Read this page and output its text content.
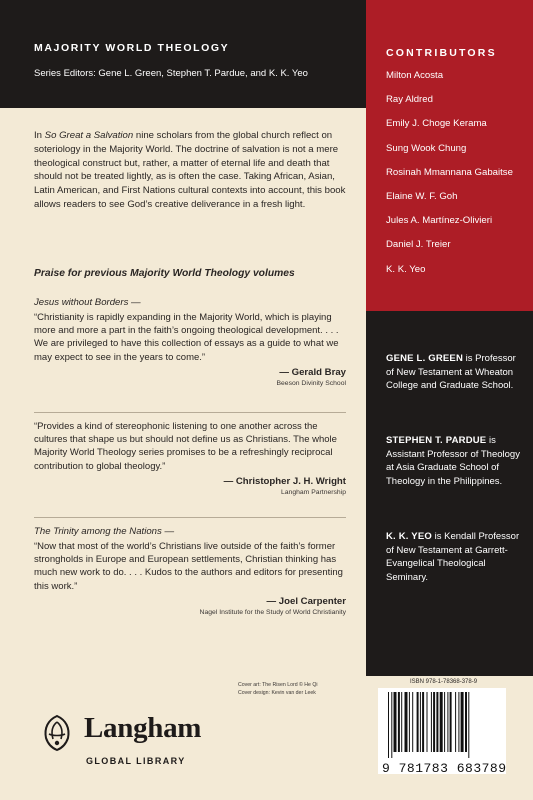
MAJORITY WORLD THEOLOGY
Series Editors: Gene L. Green, Stephen T. Pardue, and K. K. Yeo

In So Great a Salvation nine scholars from the global church reflect on soteriology in the Majority World. The doctrine of salvation is not a mere theological construct but, rather, a matter of eternal life and death that should not be treated lightly, as is often the case. Taking African, Asian, Latin American, and First Nations cultural contexts into account, this book allows readers to see God’s creative deliverance in a fresh light.

Praise for previous Majority World Theology volumes
Jesus without Borders —

“Christianity is rapidly expanding in the Majority World, which is playing more and more a part in the faith’s ongoing theological development. . . . We are privileged to have this collection of essays as a guide to what we may expect to see in the years to come.”

— Gerald Bray
Beeson Divinity School

“Provides a kind of stereophonic listening to one another across the cultures that shape us but should not define us as Christians. The whole Majority World Theology series promises to be a refreshingly reciprocal contribution to global theology.”

— Christopher J. H. Wright
Langham Partnership
The Trinity among the Nations —

“Now that most of the world’s Christians live outside of the faith’s former strongholds in Europe and European settlements, Christian thinking has much new work to do. . . . Kudos to the authors and editors for presenting this work.”

— Joel Carpenter
Nagel Institute for the Study of World Christianity
Cover art: The Risen Lord © He Qi
Cover design: Kevin van der Leek
Langham
GLOBAL LIBRARY
CONTRIBUTORS
Milton Acosta
Ray Aldred
Emily J. Choge Kerama
Sung Wook Chung
Rosinah Mmannana Gabaitse
Elaine W. F. Goh
Jules A. Martínez-Olivieri
Daniel J. Treier
K. K. Yeo

GENE L. GREEN is Professor of New Testament at Wheaton College and Graduate School.

STEPHEN T. PARDUE is Assistant Professor of Theology at Asia Graduate School of Theology in the Philippines.

K. K. YEO is Kendall Professor of New Testament at Garrett-Evangelical Theological Seminary.

ISBN 978-1-78368-378-9
9 781783 683789
